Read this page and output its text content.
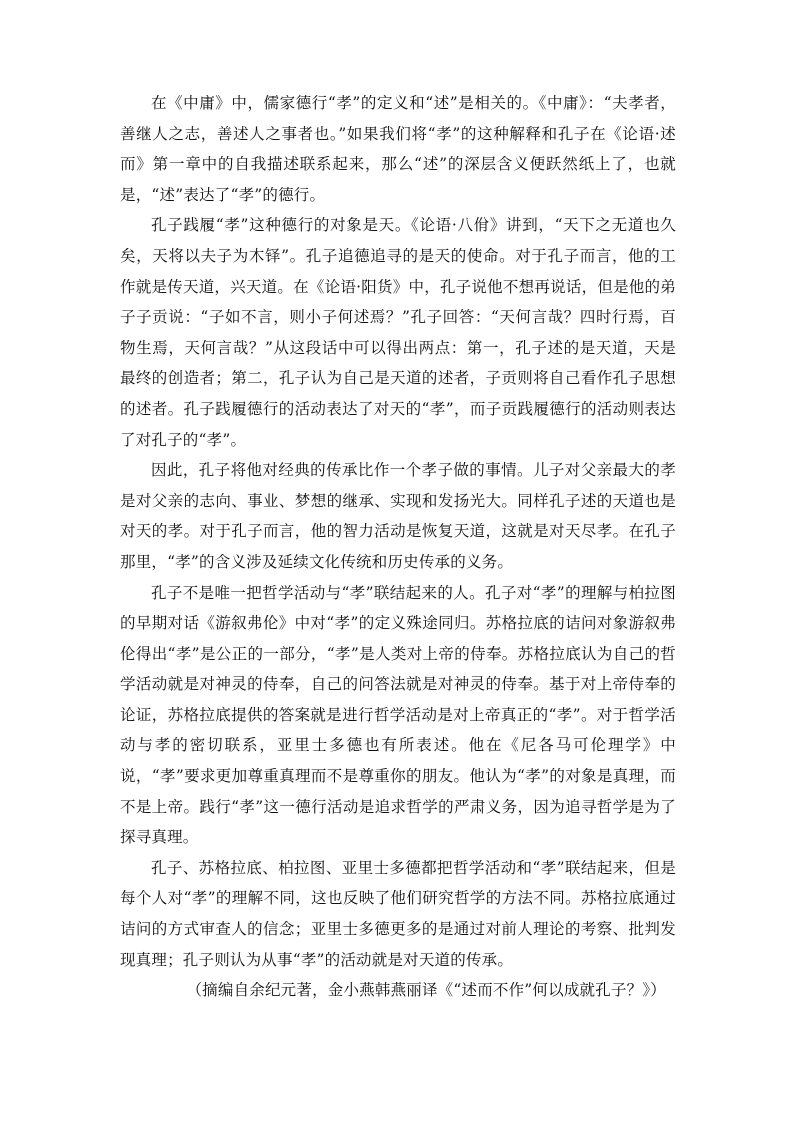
在《中庸》中，儒家德行“孝”的定义和“述”是相关的。《中庸》：“夫孝者，善继人之志，善述人之事者也。”如果我们将“孝”的这种解释和孔子在《论语·述而》第一章中的自我描述联系起来，那么“述”的深层含义便跃然纸上了，也就是，“述”表达了“孝”的德行。

孔子践履“孝”这种德行的对象是天。《论语·八佾》讲到，“天下之无道也久矣，天将以夫子为木铎”。孔子追德追寻的是天的使命。对于孔子而言，他的工作就是传天道，兴天道。在《论语·阳货》中，孔子说他不想再说话，但是他的弟子子贡说：“子如不言，则小子何述焉？”孔子回答：“天何言哉？四时行焉，百物生焉，天何言哉？”从这段话中可以得出两点：第一，孔子述的是天道，天是最终的创造者；第二，孔子认为自己是天道的述者，子贡则将自己看作孔子思想的述者。孔子践履德行的活动表达了对天的“孝”，而子贡践履德行的活动则表达了对孔子的“孝”。

因此，孔子将他对经典的传承比作一个孝子做的事情。儿子对父亲最大的孝是对父亲的志向、事业、梦想的继承、实现和发扬光大。同样孔子述的天道也是对天的孝。对于孔子而言，他的智力活动是恢复天道，这就是对天尽孝。在孔子那里，“孝”的含义涉及延续文化传统和历史传承的义务。

孔子不是唯一把哲学活动与“孝”联结起来的人。孔子对“孝”的理解与柏拉图的早期对话《游叙弗伦》中对“孝”的定义殊途同归。苏格拉底的诘问对象游叙弗伦得出“孝”是公正的一部分，“孝”是人类对上帝的侍奉。苏格拉底认为自己的哲学活动就是对神灵的侍奉，自己的问答法就是对神灵的侍奉。基于对上帝侍奉的论证，苏格拉底提供的答案就是进行哲学活动是对上帝真正的“孝”。对于哲学活动与孝的密切联系，亚里士多德也有所表述。他在《尼各马可伦理学》中说，“孝”要求更加尊重真理而不是尊重你的朋友。他认为“孝”的对象是真理，而不是上帝。践行“孝”这一德行活动是追求哲学的严肃义务，因为追寻哲学是为了探寻真理。

孔子、苏格拉底、柏拉图、亚里士多德都把哲学活动和“孝”联结起来，但是每个人对“孝”的理解不同，这也反映了他们研究哲学的方法不同。苏格拉底通过诘问的方式审查人的信念；亚里士多德更多的是通过对前人理论的考察、批判发现真理；孔子则认为从事“孝”的活动就是对天道的传承。

（摘编自余纪元著，金小燕韩燕丽译《“述而不作”何以成就孔子？》）
